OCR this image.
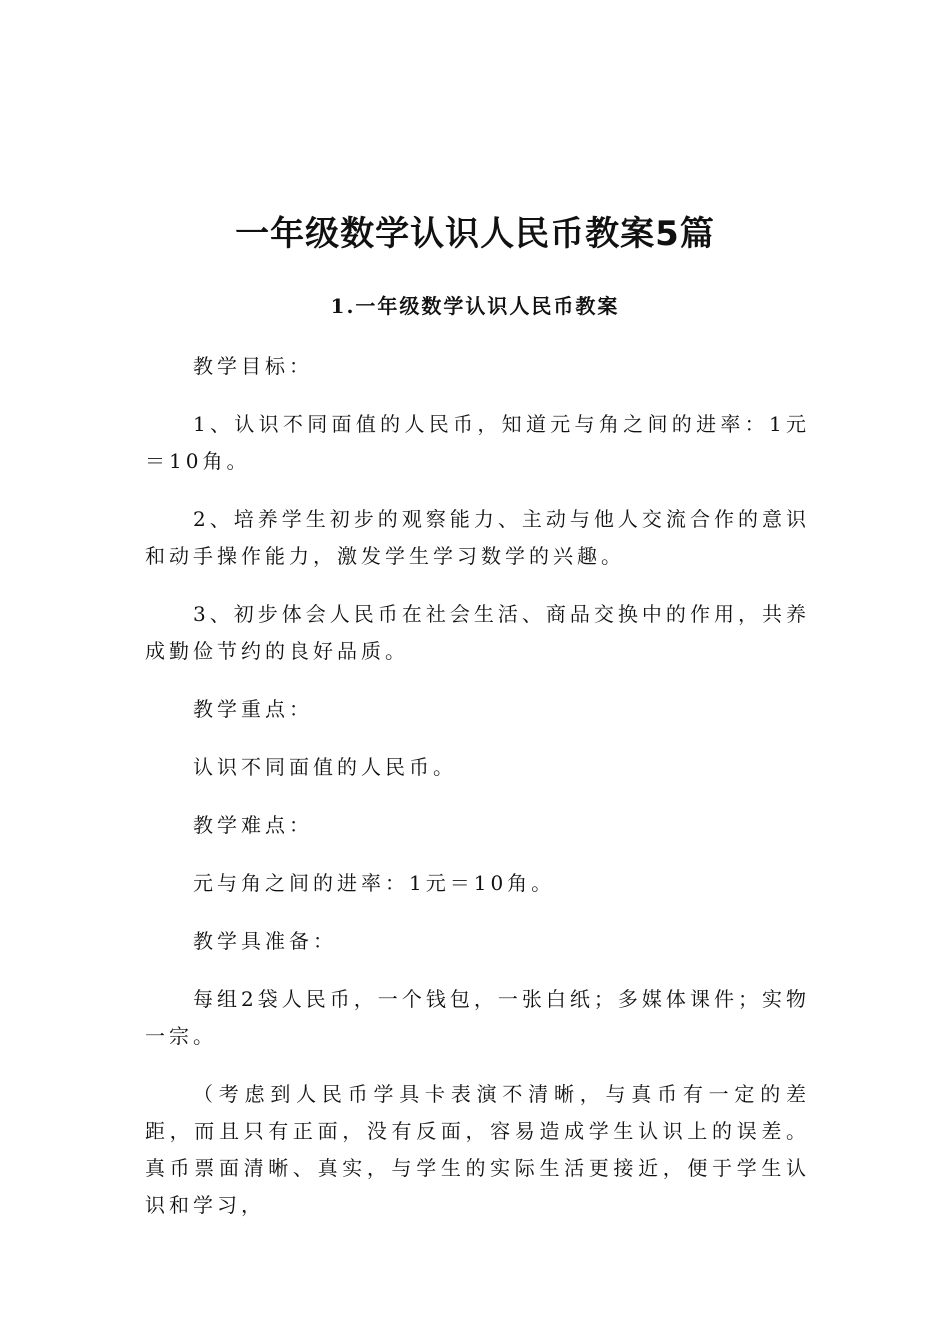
一年级数学认识人民币教案5篇
1.一年级数学认识人民币教案

教学目标：

1、认识不同面值的人民币，知道元与角之间的进率：1元＝10角。

2、培养学生初步的观察能力、主动与他人交流合作的意识和动手操作能力，激发学生学习数学的兴趣。

3、初步体会人民币在社会生活、商品交换中的作用，共养成勤俭节约的良好品质。

教学重点：

认识不同面值的人民币。

教学难点：

元与角之间的进率：1元＝10角。

教学具准备：

每组2袋人民币，一个钱包，一张白纸；多媒体课件；实物一宗。

（考虑到人民币学具卡表演不清晰，与真币有一定的差距，而且只有正面，没有反面，容易造成学生认识上的误差。真币票面清晰、真实，与学生的实际生活更接近，便于学生认识和学习，
